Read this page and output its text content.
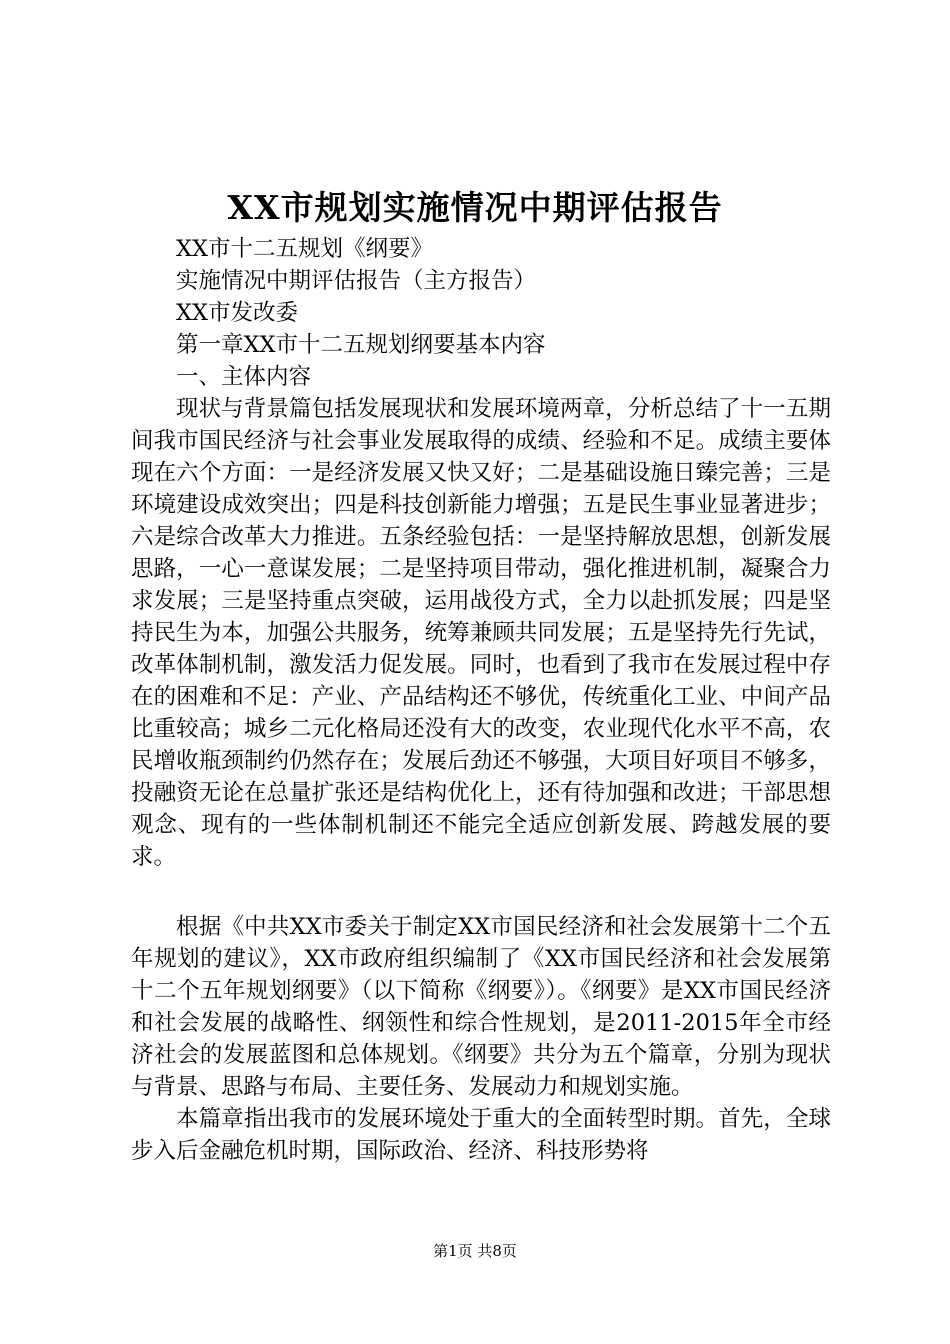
XX市规划实施情况中期评估报告

XX市十二五规划《纲要》

实施情况中期评估报告（主方报告）

XX市发改委

第一章XX市十二五规划纲要基本内容

一、主体内容

现状与背景篇包括发展现状和发展环境两章，分析总结了十一五期间我市国民经济与社会事业发展取得的成绩、经验和不足。成绩主要体现在六个方面：一是经济发展又快又好；二是基础设施日臻完善；三是环境建设成效突出；四是科技创新能力增强；五是民生事业显著进步；六是综合改革大力推进。五条经验包括：一是坚持解放思想，创新发展思路，一心一意谋发展；二是坚持项目带动，强化推进机制，凝聚合力求发展；三是坚持重点突破，运用战役方式，全力以赴抓发展；四是坚持民生为本，加强公共服务，统筹兼顾共同发展；五是坚持先行先试，改革体制机制，激发活力促发展。同时，也看到了我市在发展过程中存在的困难和不足：产业、产品结构还不够优，传统重化工业、中间产品比重较高；城乡二元化格局还没有大的改变，农业现代化水平不高，农民增收瓶颈制约仍然存在；发展后劲还不够强，大项目好项目不够多，投融资无论在总量扩张还是结构优化上，还有待加强和改进；干部思想观念、现有的一些体制机制还不能完全适应创新发展、跨越发展的要求。

根据《中共XX市委关于制定XX市国民经济和社会发展第十二个五年规划的建议》，XX市政府组织编制了《XX市国民经济和社会发展第十二个五年规划纲要》（以下简称《纲要》）。《纲要》是XX市国民经济和社会发展的战略性、纲领性和综合性规划，是2011-2015年全市经济社会的发展蓝图和总体规划。《纲要》共分为五个篇章，分别为现状与背景、思路与布局、主要任务、发展动力和规划实施。

本篇章指出我市的发展环境处于重大的全面转型时期。首先，全球步入后金融危机时期，国际政治、经济、科技形势将

第1页 共8页
